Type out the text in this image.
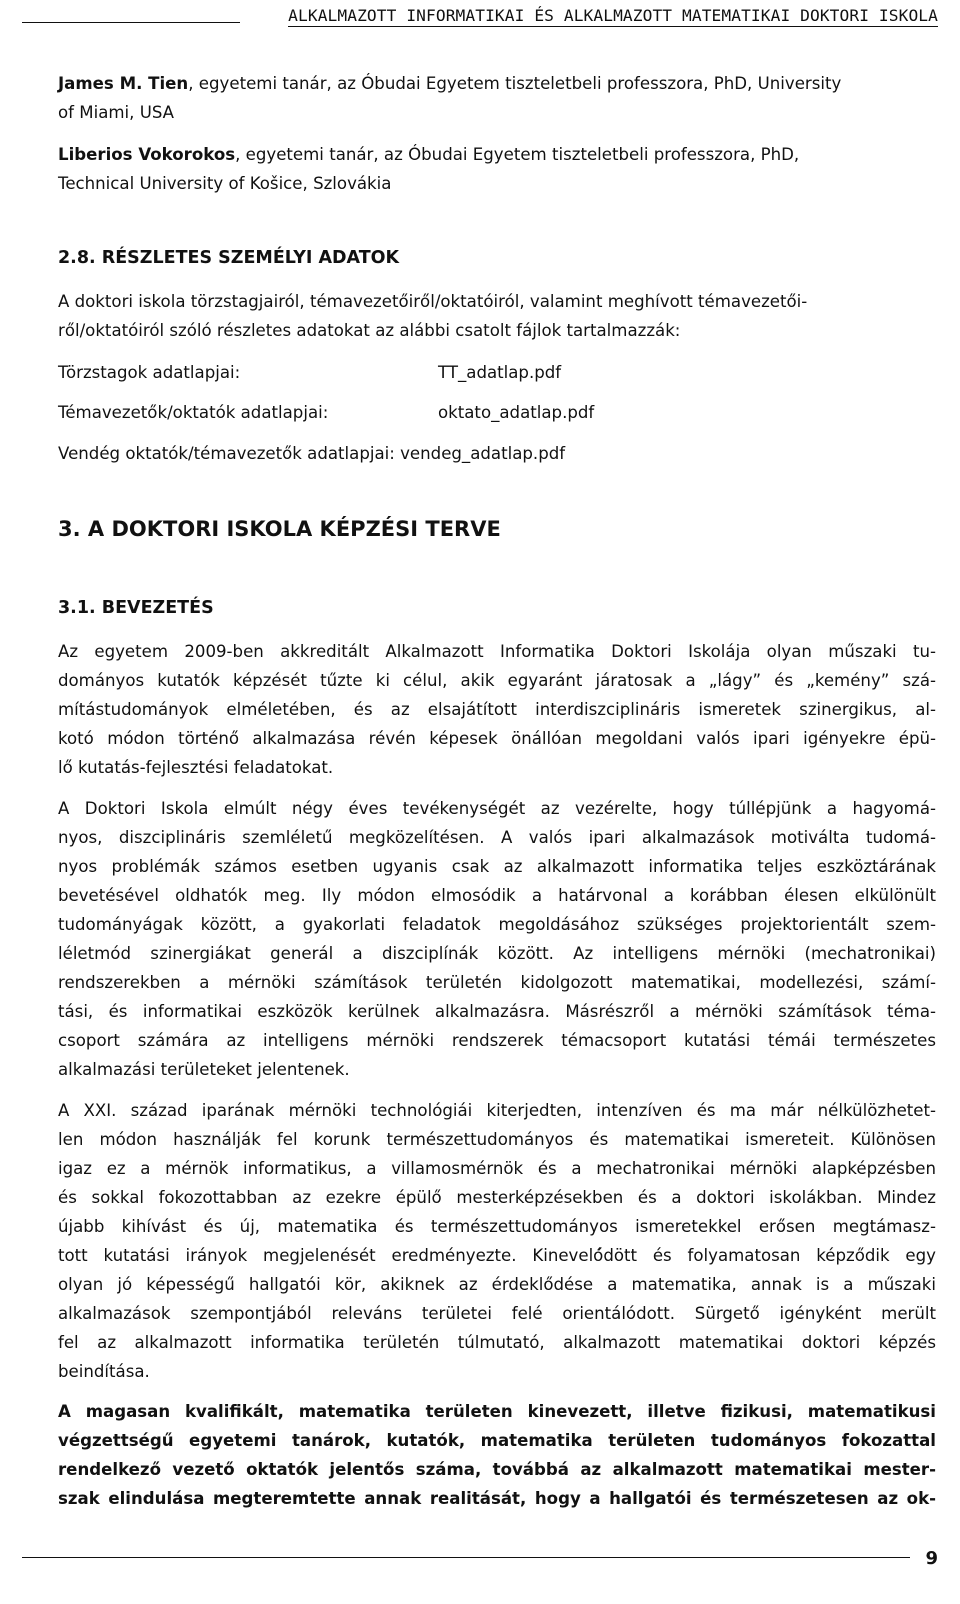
ALKALMAZOTT INFORMATIKAI ÉS ALKALMAZOTT MATEMATIKAI DOKTORI ISKOLA
James M. Tien, egyetemi tanár, az Óbudai Egyetem tiszteletbeli professzora, PhD, University
of Miami, USA
Liberios Vokorokos, egyetemi tanár, az Óbudai Egyetem tiszteletbeli professzora, PhD,
Technical University of Košice, Szlovákia
2.8. RÉSZLETES SZEMÉLYI ADATOK
A doktori iskola törzstagjairól, témavezetőiről/oktatóiról, valamint meghívott témavezetői-
ről/oktatóiról szóló részletes adatokat az alábbi csatolt fájlok tartalmazzák:
Törzstagok adatlapjai:	TT_adatlap.pdf
Témavezetők/oktatók adatlapjai:	oktato_adatlap.pdf
Vendég oktatók/témavezetők adatlapjai: vendeg_adatlap.pdf
3. A DOKTORI ISKOLA KÉPZÉSI TERVE
3.1. BEVEZETÉS
Az egyetem 2009-ben akkreditált Alkalmazott Informatika Doktori Iskolája olyan műszaki tu-
dományos kutatók képzését tűzte ki célul, akik egyaránt járatosak a „lágy” és „kemény” szá-
mítástudományok elméletében, és az elsajátított interdiszciplináris ismeretek szinergikus, al-
kotó módon történő alkalmazása révén képesek önállóan megoldani valós ipari igényekre épü-
lő kutatás-fejlesztési feladatokat.
A Doktori Iskola elmúlt négy éves tevékenységét az vezérelte, hogy túllépjünk a hagyomá-
nyos, diszciplináris szemléletű megközelítésen. A valós ipari alkalmazások motiválta tudomá-
nyos problémák számos esetben ugyanis csak az alkalmazott informatika teljes eszköztárának
bevetésével oldhatók meg. Ily módon elmosódik a határvonal a korábban élesen elkülönült
tudományágak között, a gyakorlati feladatok megoldásához szükséges projektorientált szem-
léletmód szinergiákat generál a diszciplínák között. Az intelligens mérnöki (mechatronikai)
rendszerekben a mérnöki számítások területén kidolgozott matematikai, modellezési, számí-
tási, és informatikai eszközök kerülnek alkalmazásra. Másrészről a mérnöki számítások téma-
csoport számára az intelligens mérnöki rendszerek témacsoport kutatási témái természetes
alkalmazási területeket jelentenek.
A XXI. század iparának mérnöki technológiái kiterjedten, intenzíven és ma már nélkülözhetet-
len módon használják fel korunk természettudományos és matematikai ismereteit. Különösen
igaz ez a mérnök informatikus, a villamosmérnök és a mechatronikai mérnöki alapképzésben
és sokkal fokozottabban az ezekre épülő mesterképzésekben és a doktori iskolákban. Mindez
újabb kihívást és új, matematika és természettudományos ismeretekkel erősen megtámasz-
tott kutatási irányok megjelenését eredményezte. Kineveló́dött és folyamatosan képződik egy
olyan jó képességű hallgatói kör, akiknek az érdeklődése a matematika, annak is a műszaki
alkalmazások szempontjából releváns területei felé orientálódott. Sürgető igényként merült
fel az alkalmazott informatika területén túlmutató, alkalmazott matematikai doktori képzés
beindítása.
A magasan kvalifikált, matematika területen kinevezett, illetve fizikusi, matematikusi
végzettségű egyetemi tanárok, kutatók, matematika területen tudományos fokozattal
rendelkező vezető oktatók jelentős száma, továbbá az alkalmazott matematikai mester-
szak elindulása megteremtette annak realitását, hogy a hallgatói és természetesen az ok-
9
